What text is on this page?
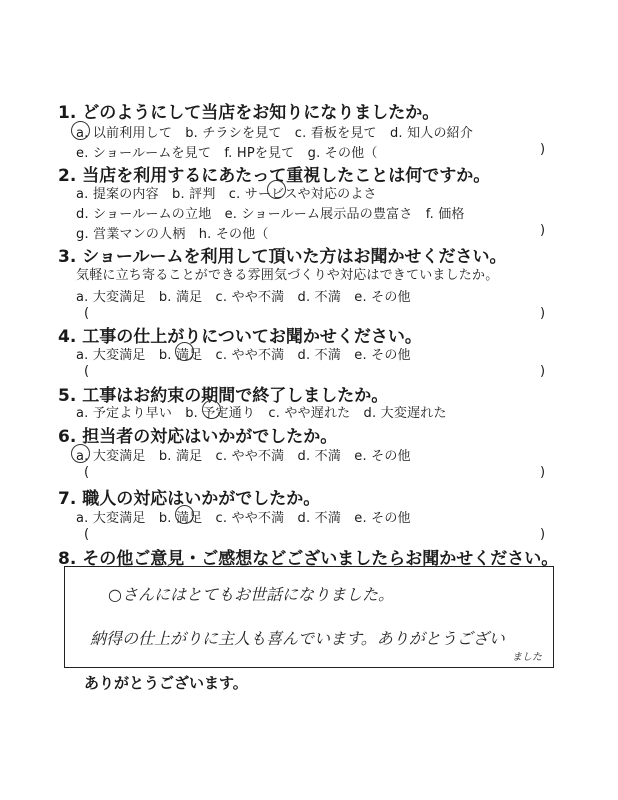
1. どのようにして当店をお知りになりましたか。
a. 以前利用して　b. チラシを見て　c. 看板を見て　d. 知人の紹介
e. ショールームを見て　f. HPを見て　g. その他（	)
2. 当店を利用するにあたって重視したことは何ですか。
a. 提案の内容　b. 評判　c. サービスや対応のよさ
d. ショールームの立地　e. ショールーム展示品の豊富さ　f. 価格
g. 営業マンの人柄　h. その他（	)
3. ショールームを利用して頂いた方はお聞かせください。
気軽に立ち寄ることができる雰囲気づくりや対応はできていましたか。
a. 大変満足　b. 満足　c. やや不満　d. 不満　e. その他
(	)
4. 工事の仕上がりについてお聞かせください。
a. 大変満足　b. 満足　c. やや不満　d. 不満　e. その他
(	)
5. 工事はお約束の期間で終了しましたか。
a. 予定より早い　b. 予定通り　c. やや遅れた　d. 大変遅れた
6. 担当者の対応はいかがでしたか。
a. 大変満足　b. 満足　c. やや不満　d. 不満　e. その他
(	)
7. 職人の対応はいかがでしたか。
a. 大変満足　b. 満足　c. やや不満　d. 不満　e. その他
(	)
8. その他ご意見・ご感想などございましたらお聞かせください。
○さんにはとてもお世話になりました。
納得の仕上がりに主人も喜んでいます。ありがとうござい
ました
ありがとうございます。
